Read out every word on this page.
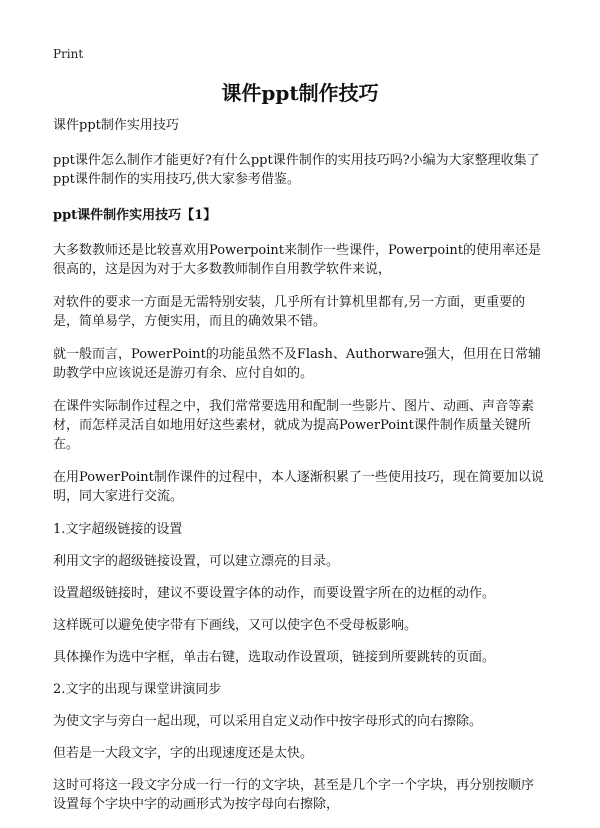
Print
课件ppt制作技巧

课件ppt制作实用技巧

ppt课件怎么制作才能更好?有什么ppt课件制作的实用技巧吗?小编为大家整理收集了ppt课件制作的实用技巧,供大家参考借鉴。

ppt课件制作实用技巧【1】

大多数教师还是比较喜欢用Powerpoint来制作一些课件，Powerpoint的使用率还是很高的，这是因为对于大多数教师制作自用教学软件来说，

对软件的要求一方面是无需特别安装，几乎所有计算机里都有,另一方面，更重要的是，简单易学，方便实用，而且的确效果不错。

就一般而言，PowerPoint的功能虽然不及Flash、Authorware强大，但用在日常辅助教学中应该说还是游刃有余、应付自如的。

在课件实际制作过程之中，我们常常要选用和配制一些影片、图片、动画、声音等素材，而怎样灵活自如地用好这些素材，就成为提高PowerPoint课件制作质量关键所在。

在用PowerPoint制作课件的过程中，本人逐渐积累了一些使用技巧，现在简要加以说明，同大家进行交流。

1.文字超级链接的设置

利用文字的超级链接设置，可以建立漂亮的目录。

设置超级链接时，建议不要设置字体的动作，而要设置字所在的边框的动作。

这样既可以避免使字带有下画线，又可以使字色不受母板影响。

具体操作为选中字框，单击右键，选取动作设置项，链接到所要跳转的页面。

2.文字的出现与课堂讲演同步

为使文字与旁白一起出现，可以采用自定义动作中按字母形式的向右擦除。

但若是一大段文字，字的出现速度还是太快。

这时可将这一段文字分成一行一行的文字块，甚至是几个字一个字块，再分别按顺序设置每个字块中字的动画形式为按字母向右擦除，
